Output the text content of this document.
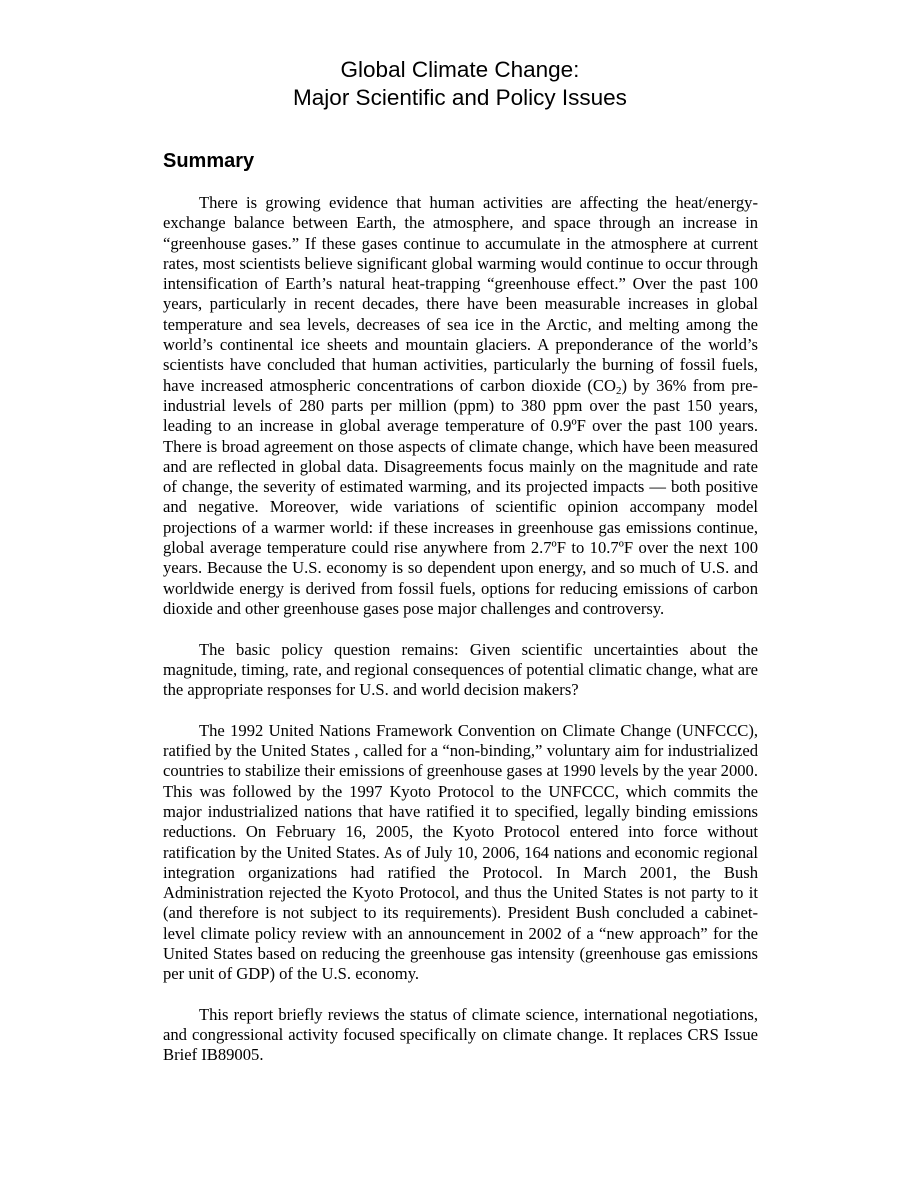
Global Climate Change:
Major Scientific and Policy Issues
Summary

There is growing evidence that human activities are affecting the heat/energy-exchange balance between Earth, the atmosphere, and space through an increase in “greenhouse gases.” If these gases continue to accumulate in the atmosphere at current rates, most scientists believe significant global warming would continue to occur through intensification of Earth’s natural heat-trapping “greenhouse effect.” Over the past 100 years, particularly in recent decades, there have been measurable increases in global temperature and sea levels, decreases of sea ice in the Arctic, and melting among the world’s continental ice sheets and mountain glaciers. A preponderance of the world’s scientists have concluded that human activities, particularly the burning of fossil fuels, have increased atmospheric concentrations of carbon dioxide $(CO_2)$ by 36% from pre-industrial levels of 280 parts per million (ppm) to 380 ppm over the past 150 years, leading to an increase in global average temperature of 0.9ºF over the past 100 years. There is broad agreement on those aspects of climate change, which have been measured and are reflected in global data. Disagreements focus mainly on the magnitude and rate of change, the severity of estimated warming, and its projected impacts — both positive and negative. Moreover, wide variations of scientific opinion accompany model projections of a warmer world: if these increases in greenhouse gas emissions continue, global average temperature could rise anywhere from 2.7ºF to 10.7ºF over the next 100 years. Because the U.S. economy is so dependent upon energy, and so much of U.S. and worldwide energy is derived from fossil fuels, options for reducing emissions of carbon dioxide and other greenhouse gases pose major challenges and controversy.

The basic policy question remains: Given scientific uncertainties about the magnitude, timing, rate, and regional consequences of potential climatic change, what are the appropriate responses for U.S. and world decision makers?

The 1992 United Nations Framework Convention on Climate Change (UNFCCC), ratified by the United States , called for a “non-binding,” voluntary aim for industrialized countries to stabilize their emissions of greenhouse gases at 1990 levels by the year 2000. This was followed by the 1997 Kyoto Protocol to the UNFCCC, which commits the major industrialized nations that have ratified it to specified, legally binding emissions reductions. On February 16, 2005, the Kyoto Protocol entered into force without ratification by the United States. As of July 10, 2006, 164 nations and economic regional integration organizations had ratified the Protocol. In March 2001, the Bush Administration rejected the Kyoto Protocol, and thus the United States is not party to it (and therefore is not subject to its requirements). President Bush concluded a cabinet-level climate policy review with an announcement in 2002 of a “new approach” for the United States based on reducing the greenhouse gas intensity (greenhouse gas emissions per unit of GDP) of the U.S. economy.

This report briefly reviews the status of climate science, international negotiations, and congressional activity focused specifically on climate change. It replaces CRS Issue Brief IB89005.
